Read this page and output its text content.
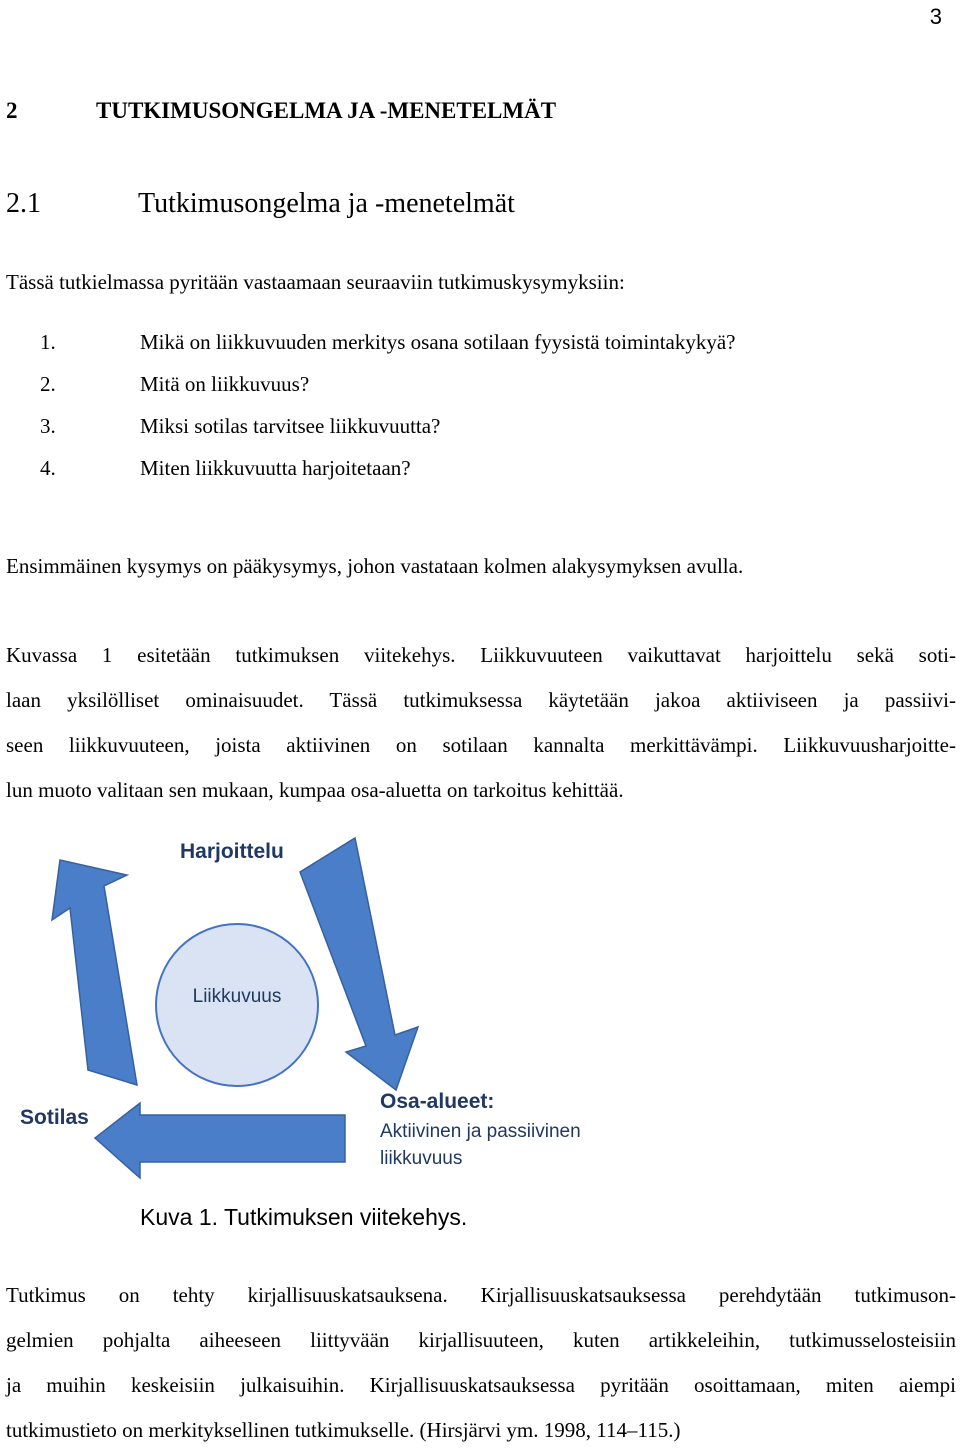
3
2	TUTKIMUSONGELMA JA -MENETELMÄT
2.1	Tutkimusongelma ja -menetelmät
Tässä tutkielmassa pyritään vastaamaan seuraaviin tutkimuskysymyksiin:
1.	Mikä on liikkuvuuden merkitys osana sotilaan fyysistä toimintakykyä?
2.	Mitä on liikkuvuus?
3.	Miksi sotilas tarvitsee liikkuvuutta?
4.	Miten liikkuvuutta harjoitetaan?
Ensimmäinen kysymys on pääkysymys, johon vastataan kolmen alakysymyksen avulla.
Kuvassa 1 esitetään tutkimuksen viitekehys. Liikkuvuuteen vaikuttavat harjoittelu sekä soti-
laan yksilölliset ominaisuudet. Tässä tutkimuksessa käytetään jakoa aktiiviseen ja passiivi-
seen liikkuvuuteen, joista aktiivinen on sotilaan kannalta merkittävämpi. Liikkuvuusharjoitte-
lun muoto valitaan sen mukaan, kumpaa osa-aluetta on tarkoitus kehittää.
Harjoittelu
Liikkuvuus
Sotilas
Osa-alueet:
Aktiivinen ja passiivinen
liikkuvuus
Kuva 1. Tutkimuksen viitekehys.
Tutkimus on tehty kirjallisuuskatsauksena. Kirjallisuuskatsauksessa perehdytään tutkimuson-
gelmien pohjalta aiheeseen liittyvään kirjallisuuteen, kuten artikkeleihin, tutkimusselosteisiin
ja muihin keskeisiin julkaisuihin. Kirjallisuuskatsauksessa pyritään osoittamaan, miten aiempi
tutkimustieto on merkityksellinen tutkimukselle. (Hirsjärvi ym. 1998, 114–115.)
